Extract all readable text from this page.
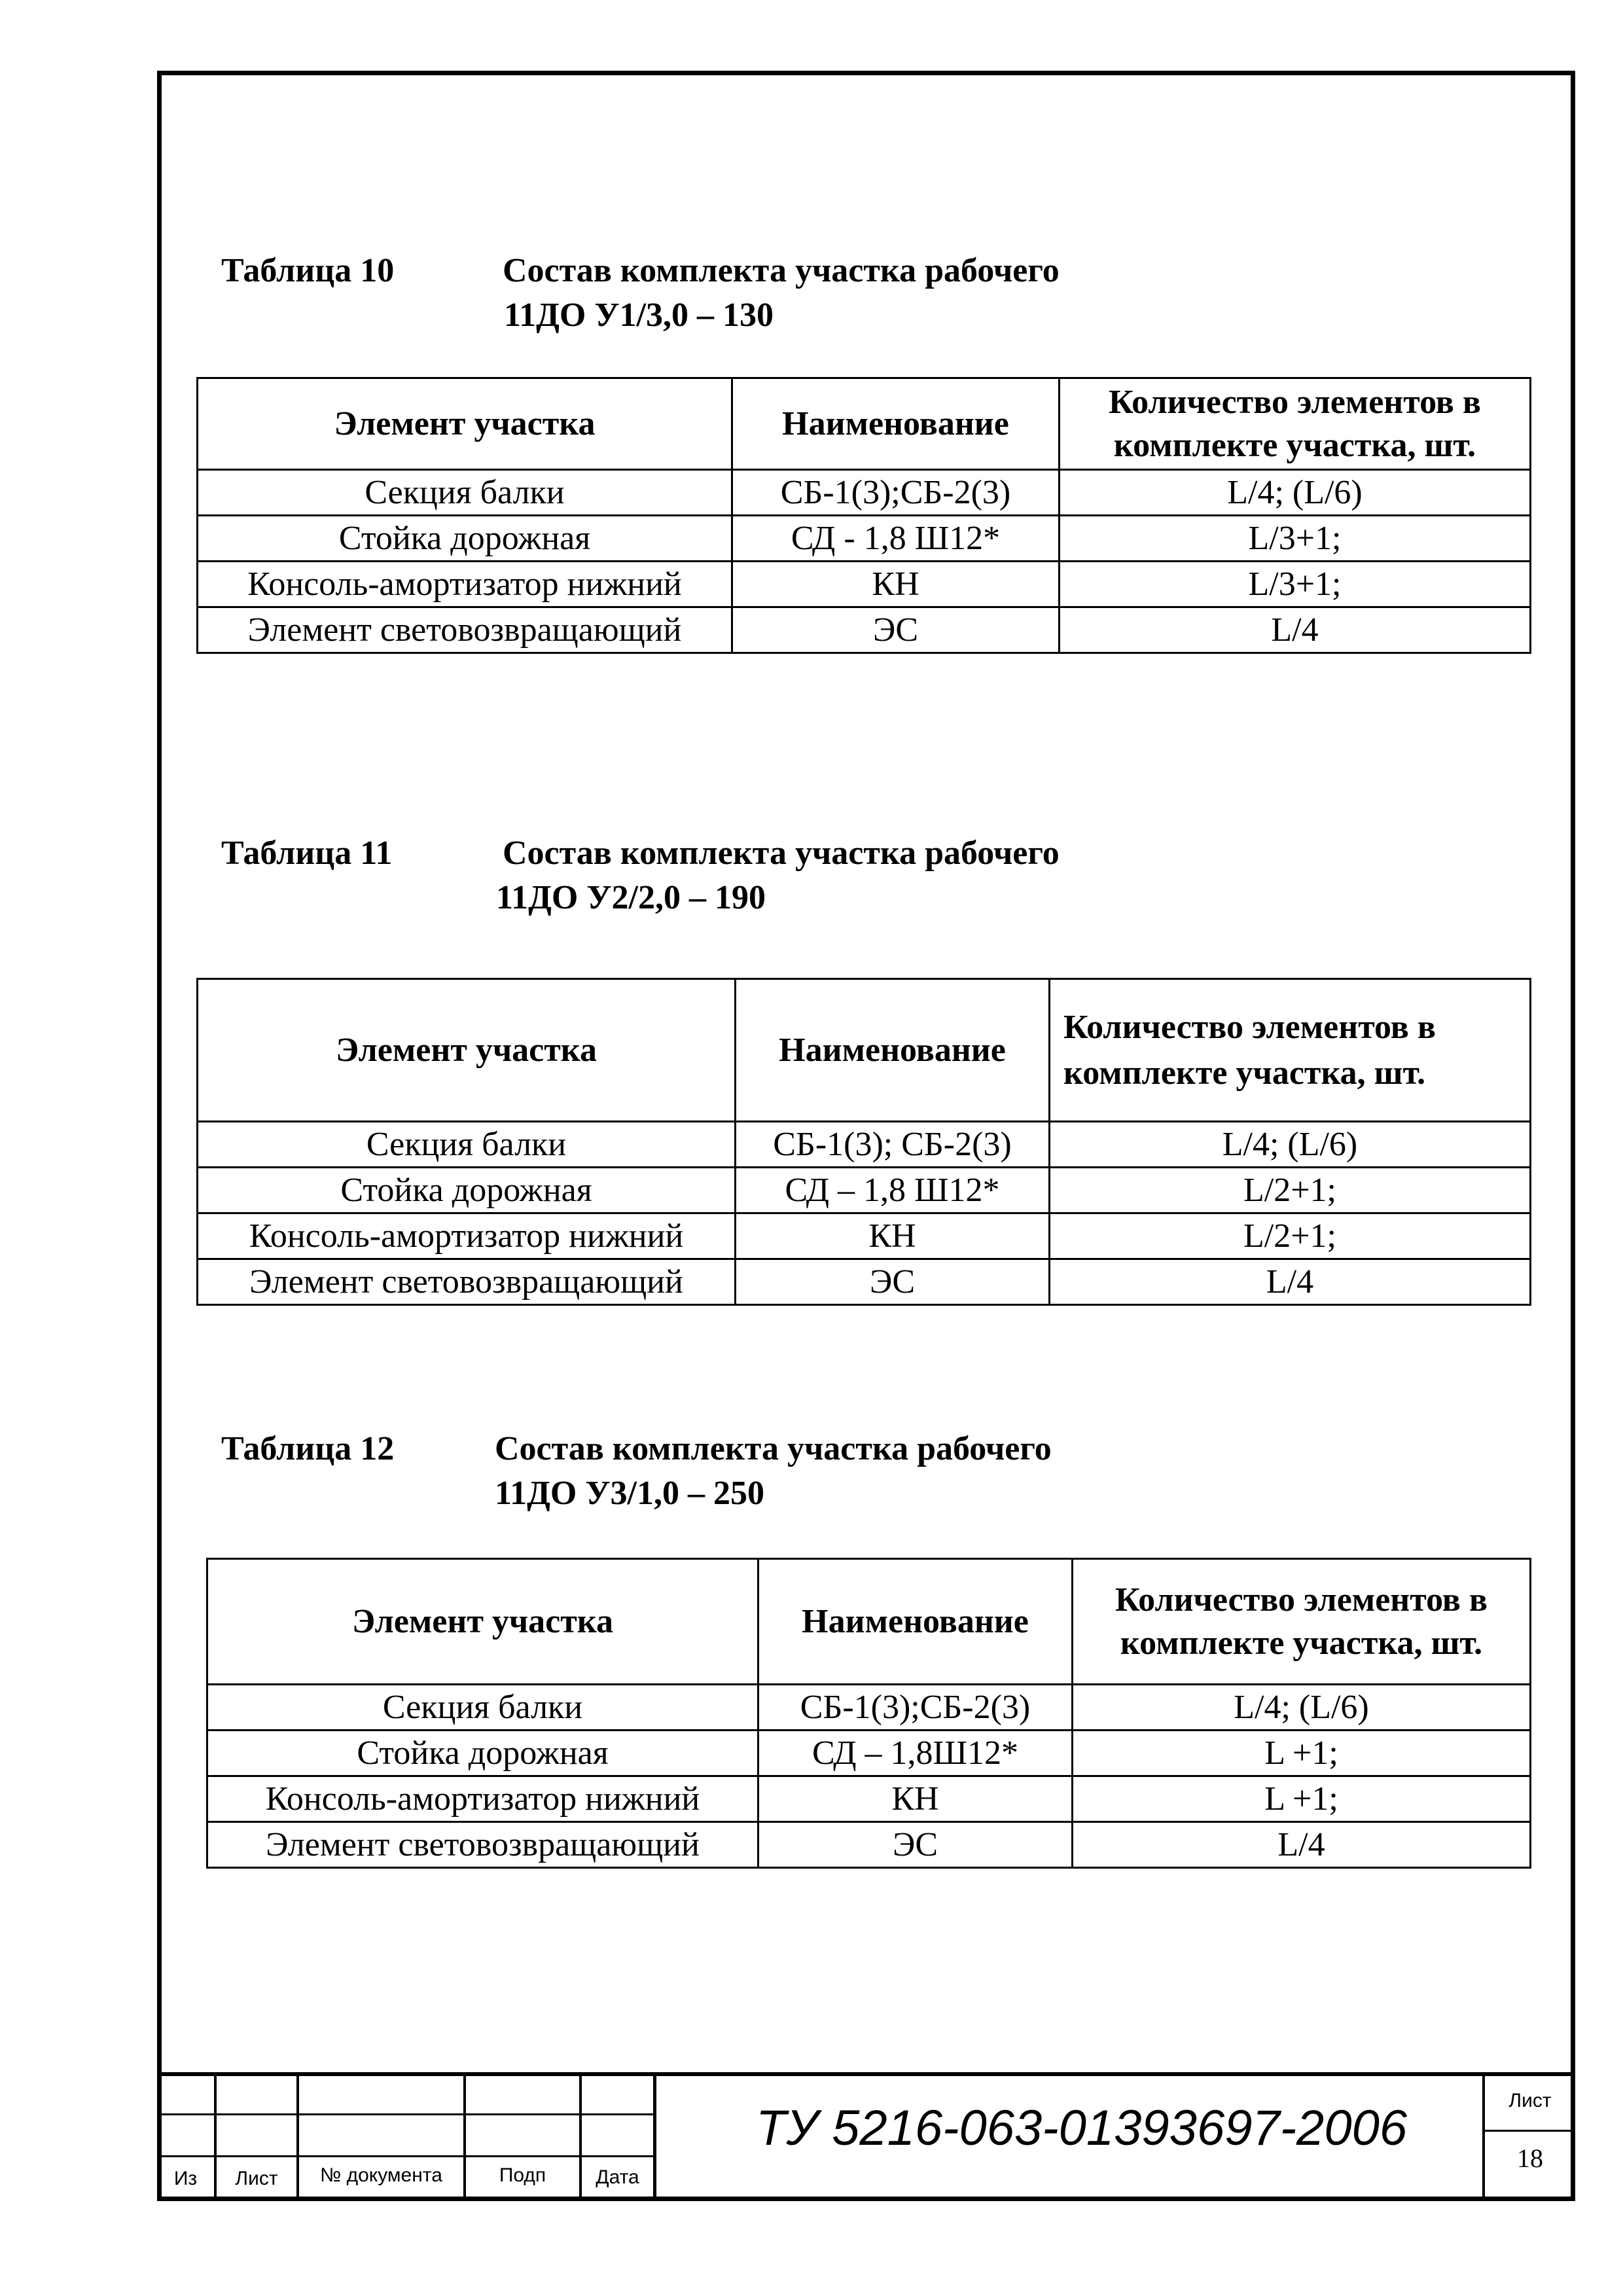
Таблица 10	Состав комплекта участка рабочего
11ДО У1/3,0 – 130
Элемент участка	Наименование	Количество элементов в комплекте участка, шт.
Секция балки	СБ-1(3);СБ-2(3)	L/4; (L/6)
Стойка дорожная	СД - 1,8 Ш12*	L/3+1;
Консоль-амортизатор нижний	КН	L/3+1;
Элемент световозвращающий	ЭС	L/4
Таблица 11	Состав комплекта участка рабочего
11ДО У2/2,0 – 190
Элемент участка	Наименование	Количество элементов в комплекте участка, шт.
Секция балки	СБ-1(3); СБ-2(3)	L/4; (L/6)
Стойка дорожная	СД – 1,8 Ш12*	L/2+1;
Консоль-амортизатор нижний	КН	L/2+1;
Элемент световозвращающий	ЭС	L/4
Таблица 12	Состав комплекта участка рабочего
11ДО У3/1,0 – 250
Элемент участка	Наименование	Количество элементов в комплекте участка, шт.
Секция балки	СБ-1(3);СБ-2(3)	L/4; (L/6)
Стойка дорожная	СД – 1,8Ш12*	L +1;
Консоль-амортизатор нижний	КН	L +1;
Элемент световозвращающий	ЭС	L/4
Из	Лист	№ документа	Подп	Дата
ТУ 5216-063-01393697-2006	Лист
18
